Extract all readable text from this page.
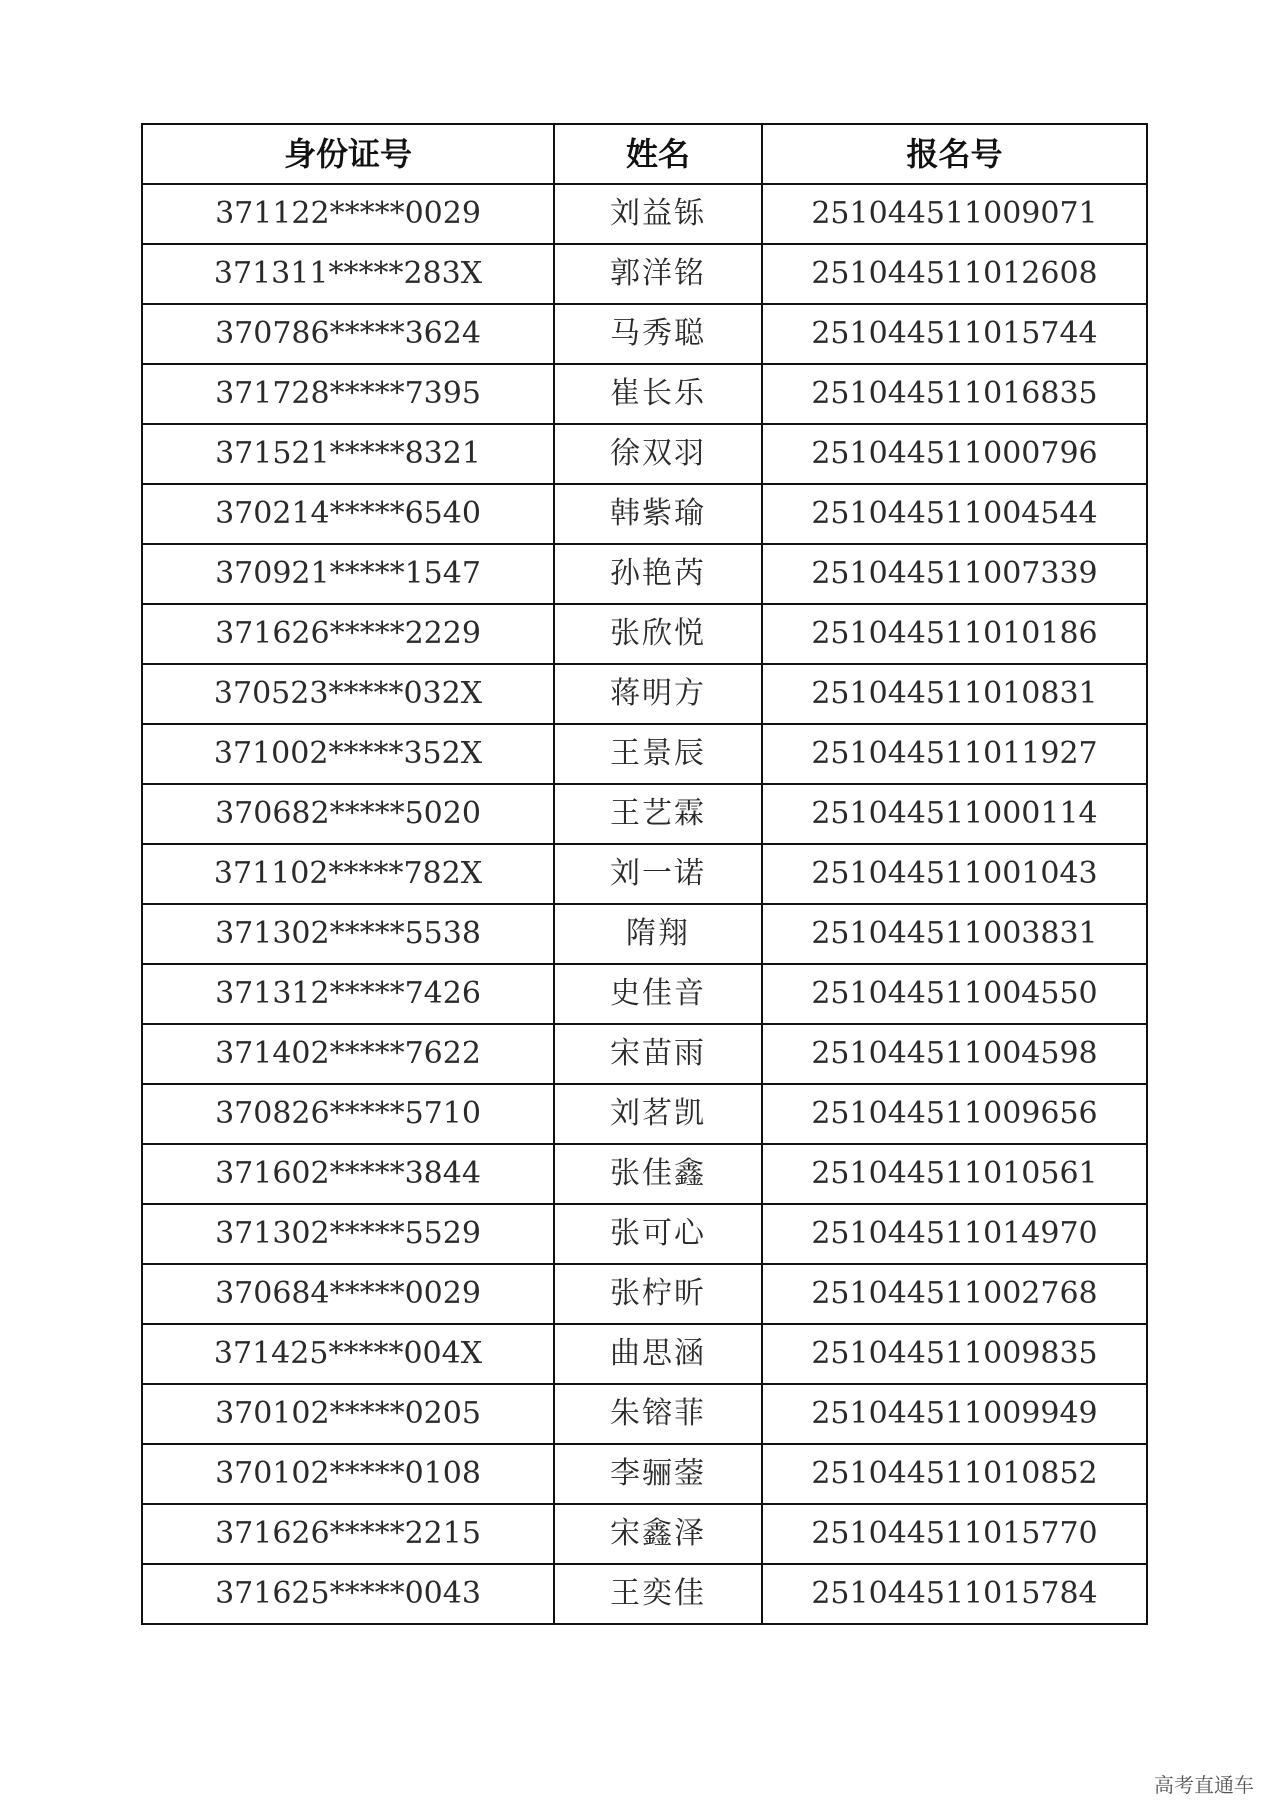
身份证号	姓名	报名号
371122*****0029	刘益铄	251044511009071
371311*****283X	郭洋铭	251044511012608
370786*****3624	马秀聪	251044511015744
371728*****7395	崔长乐	251044511016835
371521*****8321	徐双羽	251044511000796
370214*****6540	韩紫瑜	251044511004544
370921*****1547	孙艳芮	251044511007339
371626*****2229	张欣悦	251044511010186
370523*****032X	蒋明方	251044511010831
371002*****352X	王景辰	251044511011927
370682*****5020	王艺霖	251044511000114
371102*****782X	刘一诺	251044511001043
371302*****5538	隋翔	251044511003831
371312*****7426	史佳音	251044511004550
371402*****7622	宋苗雨	251044511004598
370826*****5710	刘茗凯	251044511009656
371602*****3844	张佳鑫	251044511010561
371302*****5529	张可心	251044511014970
370684*****0029	张柠昕	251044511002768
371425*****004X	曲思涵	251044511009835
370102*****0205	朱镕菲	251044511009949
370102*****0108	李骊蓥	251044511010852
371626*****2215	宋鑫泽	251044511015770
371625*****0043	王奕佳	251044511015784
高考直通车
